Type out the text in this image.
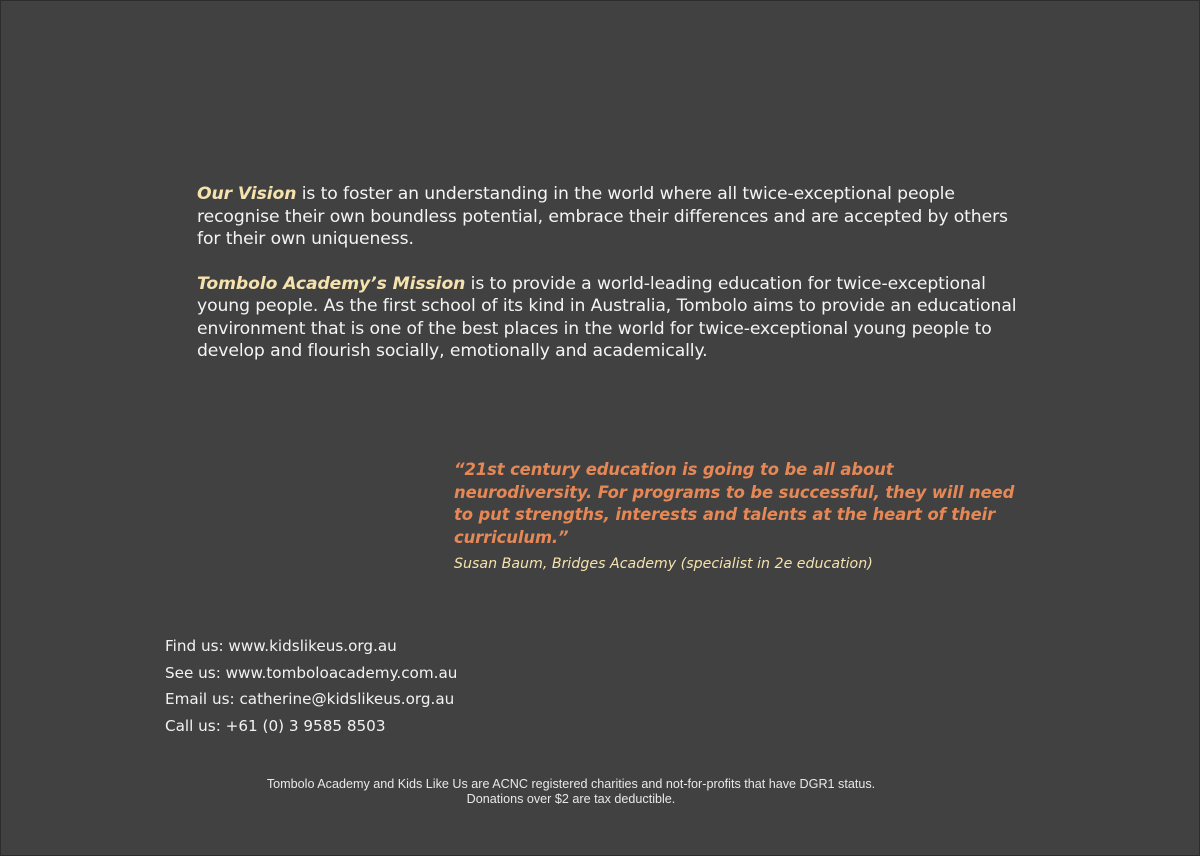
Our Vision is to foster an understanding in the world where all twice-exceptional people recognise their own boundless potential, embrace their differences and are accepted by others for their own uniqueness.

Tombolo Academy’s Mission is to provide a world-leading education for twice-exceptional young people. As the first school of its kind in Australia, Tombolo aims to provide an educational environment that is one of the best places in the world for twice-exceptional young people to develop and flourish socially, emotionally and academically.

“21st century education is going to be all about neurodiversity. For programs to be successful, they will need to put strengths, interests and talents at the heart of their curriculum.”

Susan Baum, Bridges Academy (specialist in 2e education)

Find us: www.kidslikeus.org.au
See us: www.tomboloacademy.com.au
Email us: catherine@kidslikeus.org.au
Call us: +61 (0) 3 9585 8503
Tombolo Academy and Kids Like Us are ACNC registered charities and not-for-profits that have DGR1 status.
Donations over $2 are tax deductible.
